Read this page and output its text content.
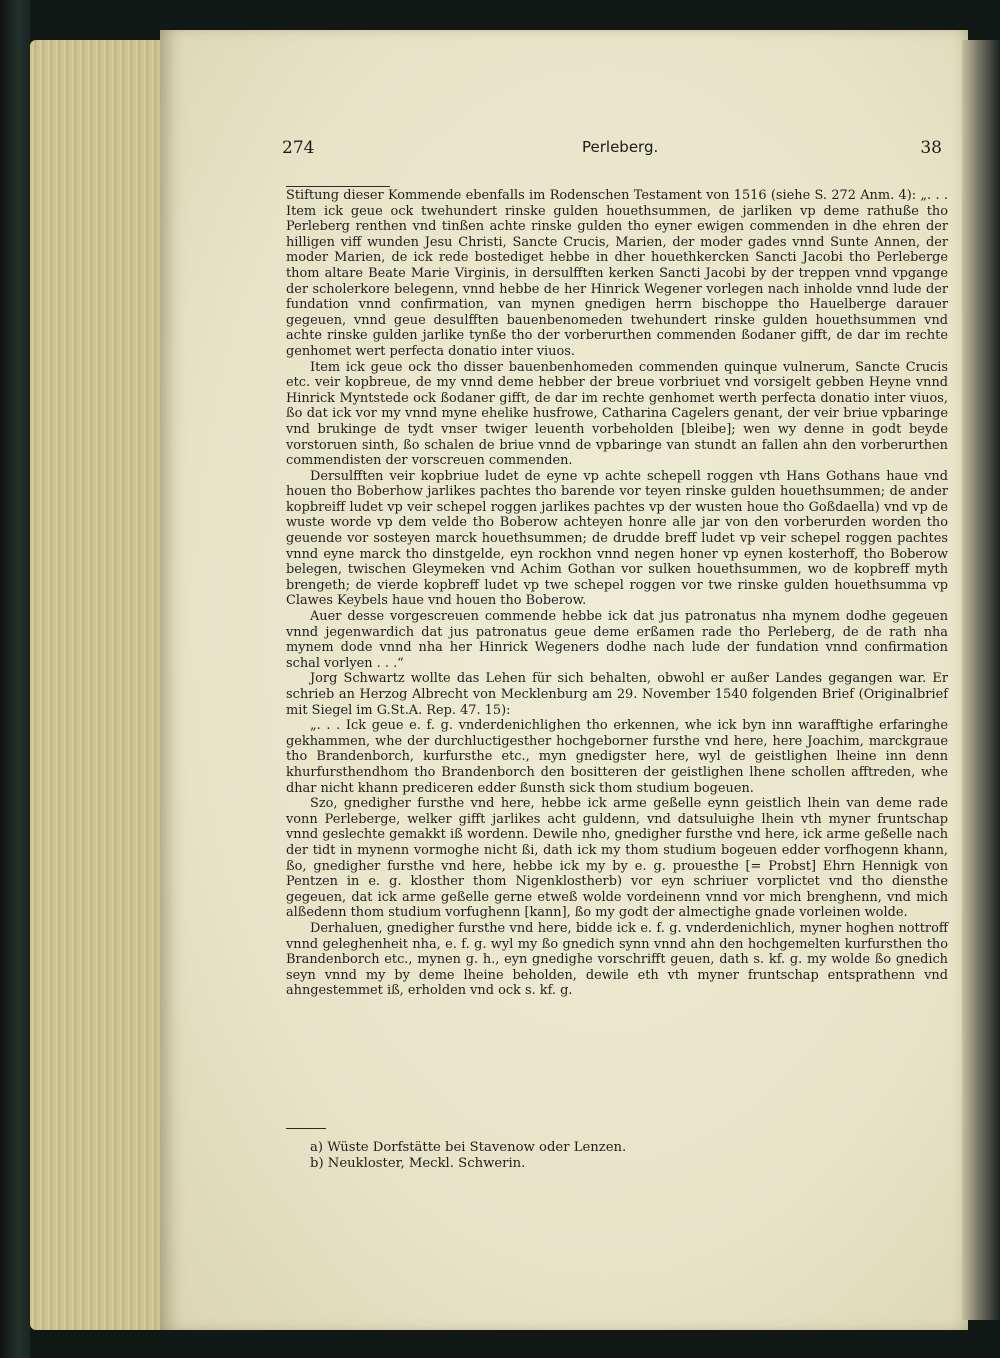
274	Perleberg.	38

Stiftung dieser Kommende ebenfalls im Rodenschen Testament von 1516 (siehe S. 272 Anm. 4): „. . . Item ick geue ock twehundert rinske gulden houethsummen, de jarliken vp deme rathuße tho Perleberg renthen vnd tinßen achte rinske gulden tho eyner ewigen commenden in dhe ehren der hilligen viff wunden Jesu Christi, Sancte Crucis, Marien, der moder gades vnnd Sunte Annen, der moder Marien, de ick rede bostediget hebbe in dher houethkercken Sancti Jacobi tho Perleberge thom altare Beate Marie Virginis, in dersulfften kerken Sancti Jacobi by der treppen vnnd vpgange der scholerkore belegenn, vnnd hebbe de her Hinrick Wegener vorlegen nach inholde vnnd lude der fundation vnnd confirmation, van mynen gnedigen herrn bischoppe tho Hauelberge darauer gegeuen, vnnd geue desulfften bauenbenomeden twehundert rinske gulden houethsummen vnd achte rinske gulden jarlike tynße tho der vorberurthen commenden ßodaner gifft, de dar im rechte genhomet wert perfecta donatio inter viuos.

Item ick geue ock tho disser bauenbenhomeden commenden quinque vulnerum, Sancte Crucis etc. veir kopbreue, de my vnnd deme hebber der breue vorbriuet vnd vorsigelt gebben Heyne vnnd Hinrick Myntstede ock ßodaner gifft, de dar im rechte genhomet werth perfecta donatio inter viuos, ßo dat ick vor my vnnd myne ehelike husfrowe, Catharina Cagelers genant, der veir briue vpbaringe vnd brukinge de tydt vnser twiger leuenth vorbeholden [bleibe]; wen wy denne in godt beyde vorstoruen sinth, ßo schalen de briue vnnd de vpbaringe van stundt an fallen ahn den vorberurthen commendisten der vorscreuen commenden.

Dersulfften veir kopbriue ludet de eyne vp achte schepell roggen vth Hans Gothans haue vnd houen tho Boberhow jarlikes pachtes tho barende vor teyen rinske gulden houethsummen; de ander kopbreiff ludet vp veir schepel roggen jarlikes pachtes vp der wusten houe tho Goßdaella) vnd vp de wuste worde vp dem velde tho Boberow achteyen honre alle jar von den vorberurden worden tho geuende vor sosteyen marck houethsummen; de drudde breff ludet vp veir schepel roggen pachtes vnnd eyne marck tho dinstgelde, eyn rockhon vnnd negen honer vp eynen kosterhoff, tho Boberow belegen, twischen Gleymeken vnd Achim Gothan vor sulken houethsummen, wo de kopbreff myth brengeth; de vierde kopbreff ludet vp twe schepel roggen vor twe rinske gulden houethsumma vp Clawes Keybels haue vnd houen tho Boberow.

Auer desse vorgescreuen commende hebbe ick dat jus patronatus nha mynem dodhe gegeuen vnnd jegenwardich dat jus patronatus geue deme erßamen rade tho Perleberg, de de rath nha mynem dode vnnd nha her Hinrick Wegeners dodhe nach lude der fundation vnnd confirmation schal vorlyen . . .“

Jorg Schwartz wollte das Lehen für sich behalten, obwohl er außer Landes gegangen war. Er schrieb an Herzog Albrecht von Mecklenburg am 29. November 1540 folgenden Brief (Originalbrief mit Siegel im G.St.A. Rep. 47. 15):

„. . . Ick geue e. f. g. vnderdenichlighen tho erkennen, whe ick byn inn warafftighe erfaringhe gekhammen, whe der durchluctigesther hochgeborner fursthe vnd here, here Joachim, marckgraue tho Brandenborch, kurfursthe etc., myn gnedigster here, wyl de geistlighen lheine inn denn khurfursthendhom tho Brandenborch den bositteren der geistlighen lhene schollen afftreden, whe dhar nicht khann prediceren edder ßunsth sick thom studium bogeuen.

Szo, gnedigher fursthe vnd here, hebbe ick arme geßelle eynn geistlich lhein van deme rade vonn Perleberge, welker gifft jarlikes acht guldenn, vnd datsuluighe lhein vth myner fruntschap vnnd geslechte gemakkt iß wordenn. Dewile nho, gnedigher fursthe vnd here, ick arme geßelle nach der tidt in mynenn vormoghe nicht ßi, dath ick my thom studium bogeuen edder vorfhogenn khann, ßo, gnedigher fursthe vnd here, hebbe ick my by e. g. prouesthe [= Probst] Ehrn Hennigk von Pentzen in e. g. klosther thom Nigenklostherb) vor eyn schriuer vorplictet vnd tho diensthe gegeuen, dat ick arme geßelle gerne etweß wolde vordeinenn vnnd vor mich brenghenn, vnd mich alßedenn thom studium vorfughenn [kann], ßo my godt der almectighe gnade vorleinen wolde.

Derhaluen, gnedigher fursthe vnd here, bidde ick e. f. g. vnderdenichlich, myner hoghen nottroff vnnd geleghenheit nha, e. f. g. wyl my ßo gnedich synn vnnd ahn den hochgemelten kurfursthen tho Brandenborch etc., mynen g. h., eyn gnedighe vorschrifft geuen, dath s. kf. g. my wolde ßo gnedich seyn vnnd my by deme lheine beholden, dewile eth vth myner fruntschap entsprathenn vnd ahngestemmet iß, erholden vnd ock s. kf. g.

a) Wüste Dorfstätte bei Stavenow oder Lenzen.
b) Neukloster, Meckl. Schwerin.
